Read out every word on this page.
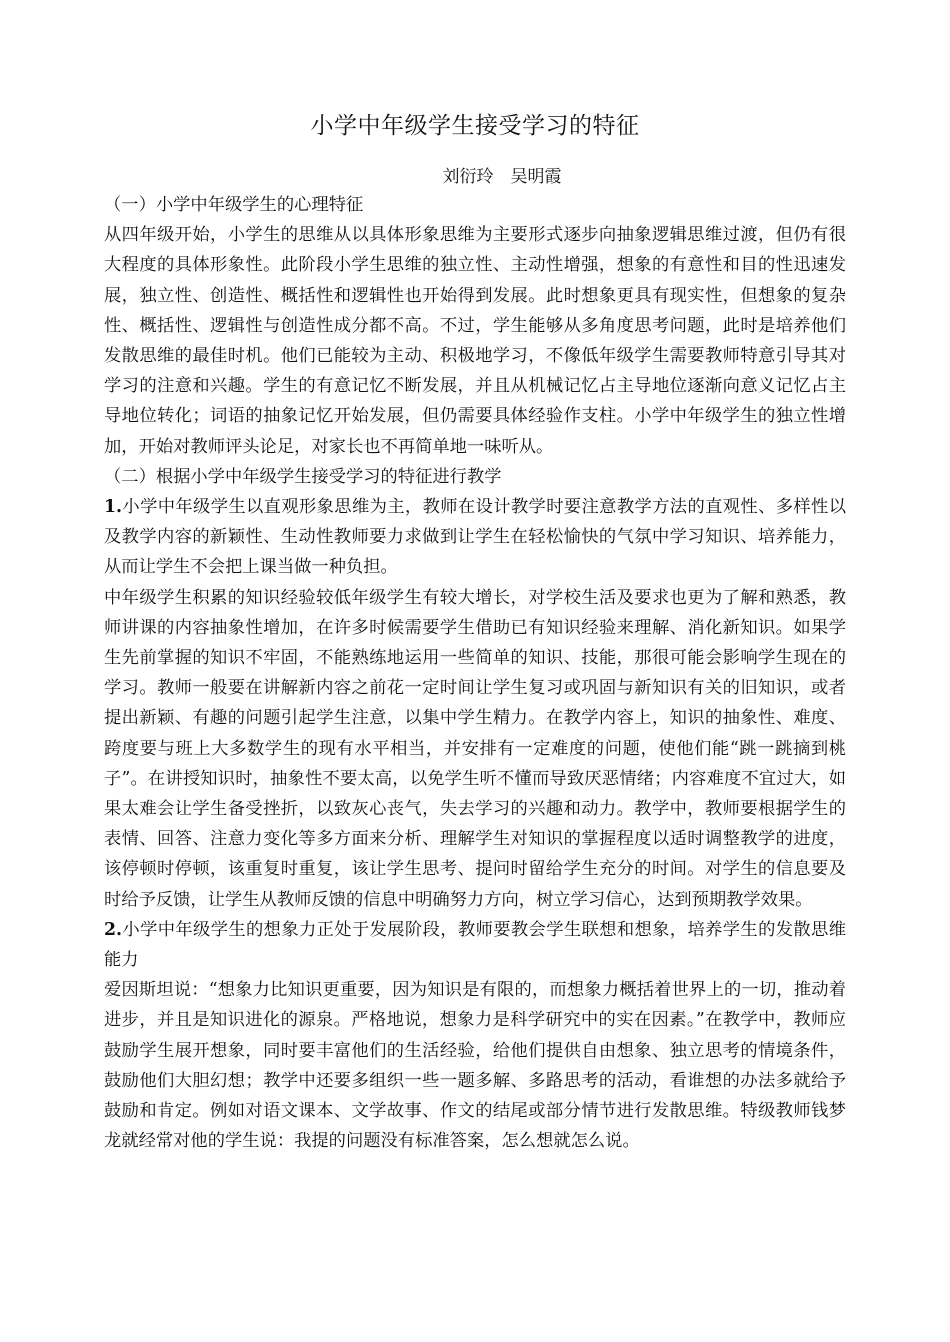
小学中年级学生接受学习的特征
刘衍玲　吴明霞

（一）小学中年级学生的心理特征

从四年级开始，小学生的思维从以具体形象思维为主要形式逐步向抽象逻辑思维过渡，但仍有很大程度的具体形象性。此阶段小学生思维的独立性、主动性增强，想象的有意性和目的性迅速发展，独立性、创造性、概括性和逻辑性也开始得到发展。此时想象更具有现实性，但想象的复杂性、概括性、逻辑性与创造性成分都不高。不过，学生能够从多角度思考问题，此时是培养他们发散思维的最佳时机。他们已能较为主动、积极地学习，不像低年级学生需要教师特意引导其对学习的注意和兴趣。学生的有意记忆不断发展，并且从机械记忆占主导地位逐渐向意义记忆占主导地位转化；词语的抽象记忆开始发展，但仍需要具体经验作支柱。小学中年级学生的独立性增加，开始对教师评头论足，对家长也不再简单地一味听从。

（二）根据小学中年级学生接受学习的特征进行教学

1.小学中年级学生以直观形象思维为主，教师在设计教学时要注意教学方法的直观性、多样性以及教学内容的新颖性、生动性教师要力求做到让学生在轻松愉快的气氛中学习知识、培养能力，从而让学生不会把上课当做一种负担。

中年级学生积累的知识经验较低年级学生有较大增长，对学校生活及要求也更为了解和熟悉，教师讲课的内容抽象性增加，在许多时候需要学生借助已有知识经验来理解、消化新知识。如果学生先前掌握的知识不牢固，不能熟练地运用一些简单的知识、技能，那很可能会影响学生现在的学习。教师一般要在讲解新内容之前花一定时间让学生复习或巩固与新知识有关的旧知识，或者提出新颖、有趣的问题引起学生注意，以集中学生精力。在教学内容上，知识的抽象性、难度、跨度要与班上大多数学生的现有水平相当，并安排有一定难度的问题，使他们能“跳一跳摘到桃子”。在讲授知识时，抽象性不要太高，以免学生听不懂而导致厌恶情绪；内容难度不宜过大，如果太难会让学生备受挫折，以致灰心丧气，失去学习的兴趣和动力。教学中，教师要根据学生的表情、回答、注意力变化等多方面来分析、理解学生对知识的掌握程度以适时调整教学的进度，该停顿时停顿，该重复时重复，该让学生思考、提问时留给学生充分的时间。对学生的信息要及时给予反馈，让学生从教师反馈的信息中明确努力方向，树立学习信心，达到预期教学效果。

2.小学中年级学生的想象力正处于发展阶段，教师要教会学生联想和想象，培养学生的发散思维能力

爱因斯坦说：“想象力比知识更重要，因为知识是有限的，而想象力概括着世界上的一切，推动着进步，并且是知识进化的源泉。严格地说，想象力是科学研究中的实在因素。”在教学中，教师应鼓励学生展开想象，同时要丰富他们的生活经验，给他们提供自由想象、独立思考的情境条件，鼓励他们大胆幻想；教学中还要多组织一些一题多解、多路思考的活动，看谁想的办法多就给予鼓励和肯定。例如对语文课本、文学故事、作文的结尾或部分情节进行发散思维。特级教师钱梦龙就经常对他的学生说：我提的问题没有标准答案，怎么想就怎么说。
